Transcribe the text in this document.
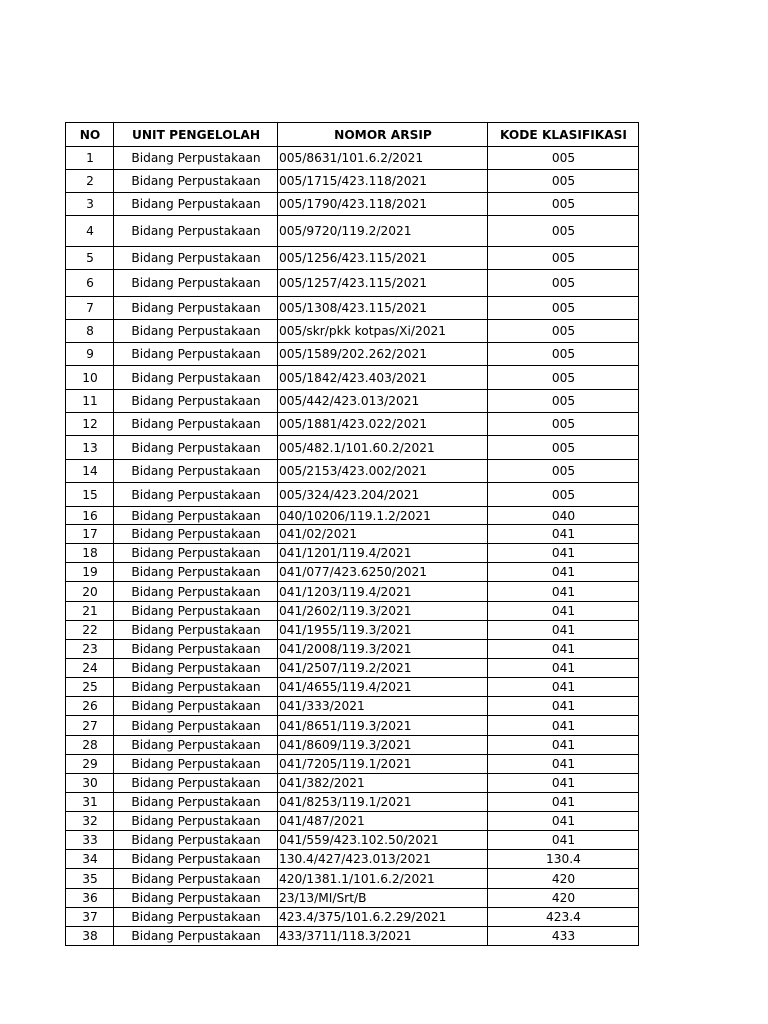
NO	UNIT PENGELOLAH	NOMOR ARSIP	KODE KLASIFIKASI
1	Bidang Perpustakaan	005/8631/101.6.2/2021	005
2	Bidang Perpustakaan	005/1715/423.118/2021	005
3	Bidang Perpustakaan	005/1790/423.118/2021	005
4	Bidang Perpustakaan	005/9720/119.2/2021	005
5	Bidang Perpustakaan	005/1256/423.115/2021	005
6	Bidang Perpustakaan	005/1257/423.115/2021	005
7	Bidang Perpustakaan	005/1308/423.115/2021	005
8	Bidang Perpustakaan	005/skr/pkk kotpas/Xi/2021	005
9	Bidang Perpustakaan	005/1589/202.262/2021	005
10	Bidang Perpustakaan	005/1842/423.403/2021	005
11	Bidang Perpustakaan	005/442/423.013/2021	005
12	Bidang Perpustakaan	005/1881/423.022/2021	005
13	Bidang Perpustakaan	005/482.1/101.60.2/2021	005
14	Bidang Perpustakaan	005/2153/423.002/2021	005
15	Bidang Perpustakaan	005/324/423.204/2021	005
16	Bidang Perpustakaan	040/10206/119.1.2/2021	040
17	Bidang Perpustakaan	041/02/2021	041
18	Bidang Perpustakaan	041/1201/119.4/2021	041
19	Bidang Perpustakaan	041/077/423.6250/2021	041
20	Bidang Perpustakaan	041/1203/119.4/2021	041
21	Bidang Perpustakaan	041/2602/119.3/2021	041
22	Bidang Perpustakaan	041/1955/119.3/2021	041
23	Bidang Perpustakaan	041/2008/119.3/2021	041
24	Bidang Perpustakaan	041/2507/119.2/2021	041
25	Bidang Perpustakaan	041/4655/119.4/2021	041
26	Bidang Perpustakaan	041/333/2021	041
27	Bidang Perpustakaan	041/8651/119.3/2021	041
28	Bidang Perpustakaan	041/8609/119.3/2021	041
29	Bidang Perpustakaan	041/7205/119.1/2021	041
30	Bidang Perpustakaan	041/382/2021	041
31	Bidang Perpustakaan	041/8253/119.1/2021	041
32	Bidang Perpustakaan	041/487/2021	041
33	Bidang Perpustakaan	041/559/423.102.50/2021	041
34	Bidang Perpustakaan	130.4/427/423.013/2021	130.4
35	Bidang Perpustakaan	420/1381.1/101.6.2/2021	420
36	Bidang Perpustakaan	23/13/MI/Srt/B	420
37	Bidang Perpustakaan	423.4/375/101.6.2.29/2021	423.4
38	Bidang Perpustakaan	433/3711/118.3/2021	433
